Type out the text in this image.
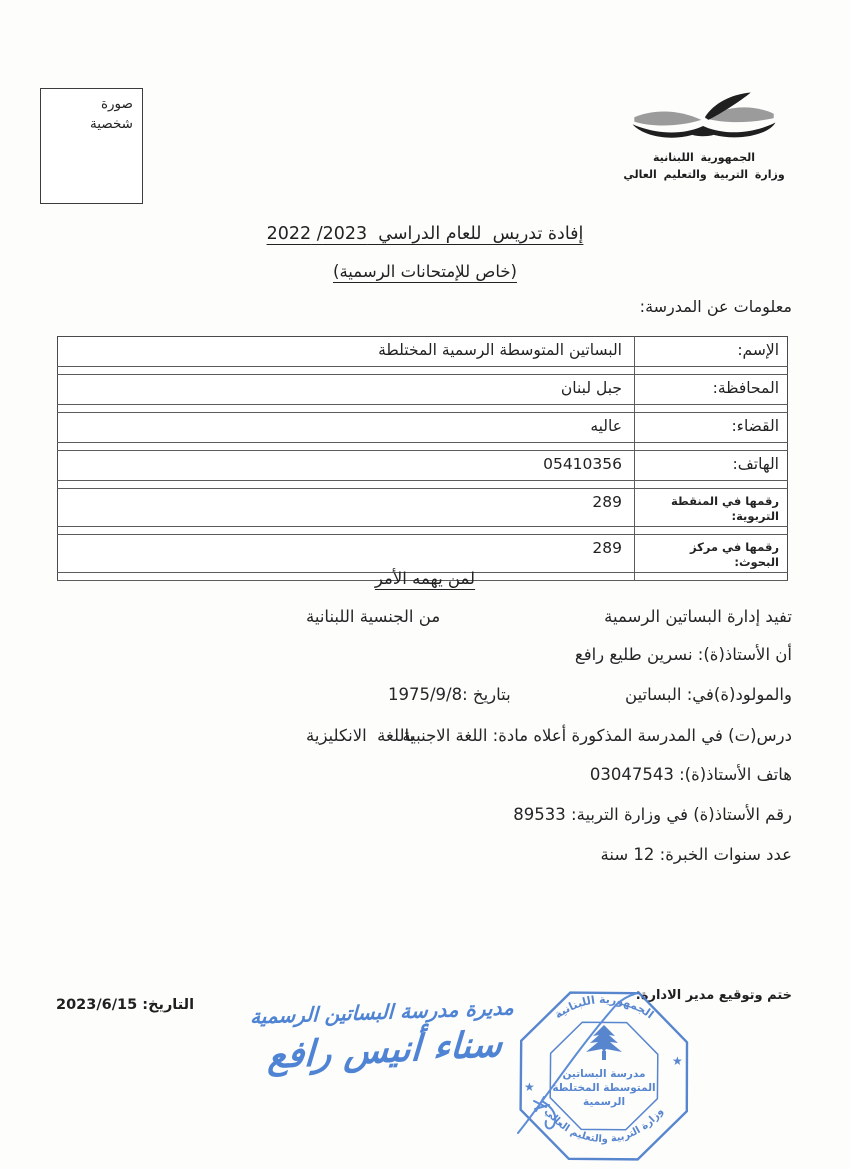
صورة
شخصية
الجمهورية اللبنانية
وزارة التربية والتعليم العالي
إفادة تدريس  للعام الدراسي  2023/ 2022
(خاص للإمتحانات الرسمية)
معلومات عن المدرسة:
الإسم:	البساتين المتوسطة الرسمية المختلطة

المحافظة:	جبل لبنان

القضاء:	عاليه

الهاتف:	05410356

رقمها في المنقطة التربوية:	289

رقمها في مركز البحوث:	289

لمن يهمه الأمر
تفيد إدارة البساتين الرسمية
من الجنسية اللبنانية
أن الأستاذ(ة): نسرين طليع رافع
والمولود(ة)في: البساتين
بتاريخ :1975/9/8
درس(ت) في المدرسة المذكورة أعلاه مادة: اللغة الاجنبية
باللغة  الانكليزية
هاتف الأستاذ(ة): 03047543
رقم الأستاذ(ة) في وزارة التربية: 89533
عدد سنوات الخبرة: 12 سنة
ختم وتوقيع مدير الادارة:
التاريخ: 2023/6/15	مديرة مدرسة البساتين الرسمية
سناء أنيس رافع
الجمهورية اللبنانية
وزارة التربية والتعليم العالي
مدرسة البساتين
المتوسطة المختلطة
الرسمية
★
★
